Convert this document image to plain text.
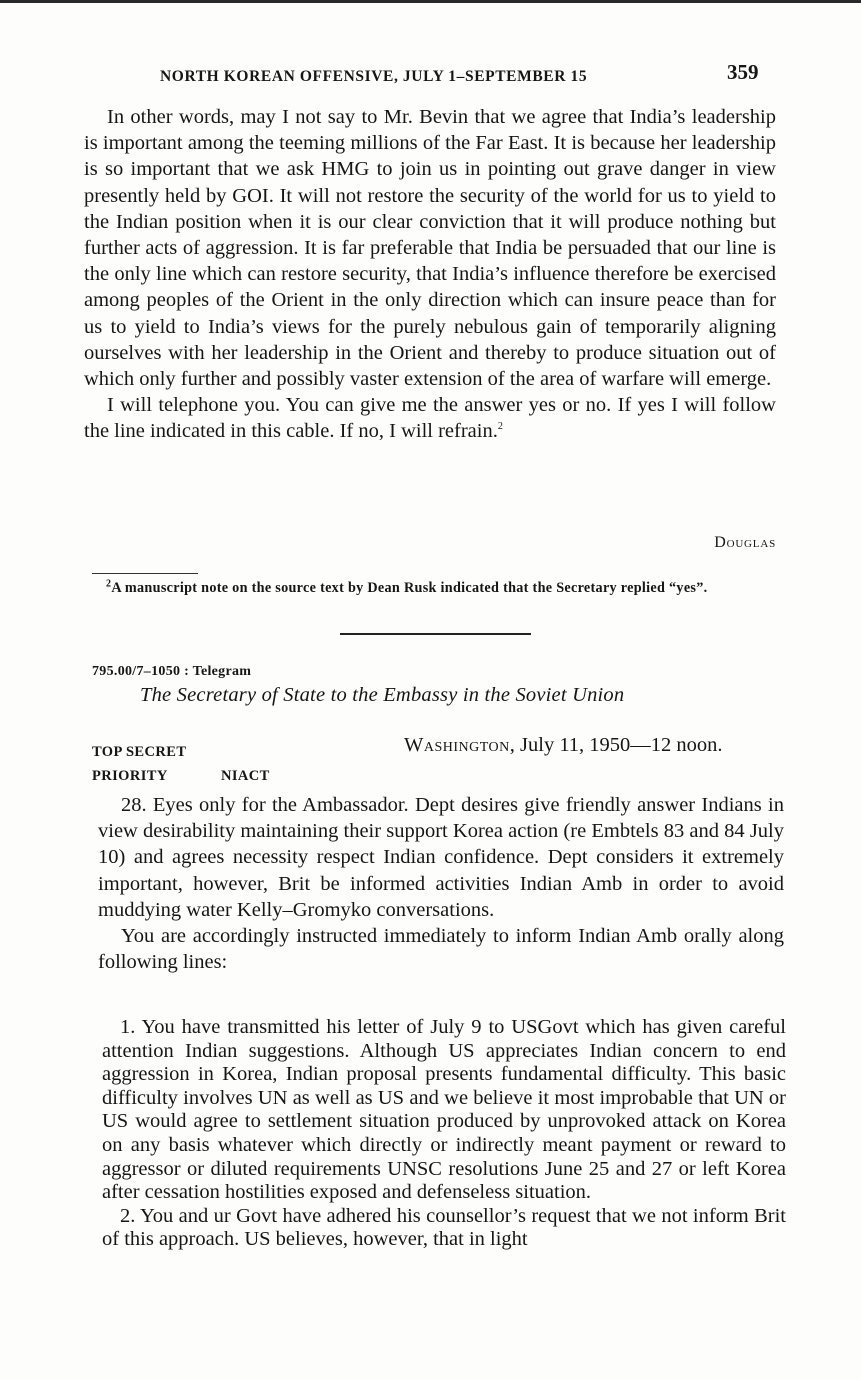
NORTH KOREAN OFFENSIVE, JULY 1–SEPTEMBER 15	359

In other words, may I not say to Mr. Bevin that we agree that India’s leadership is important among the teeming millions of the Far East. It is because her leadership is so important that we ask HMG to join us in pointing out grave danger in view presently held by GOI. It will not restore the security of the world for us to yield to the Indian position when it is our clear conviction that it will produce nothing but further acts of aggression. It is far preferable that India be persuaded that our line is the only line which can restore security, that India’s influence therefore be exercised among peoples of the Orient in the only direction which can insure peace than for us to yield to India’s views for the purely nebulous gain of temporarily aligning ourselves with her leadership in the Orient and thereby to produce situation out of which only further and possibly vaster extension of the area of warfare will emerge.

I will telephone you. You can give me the answer yes or no. If yes I will follow the line indicated in this cable. If no, I will refrain.$^2$

Douglas

$^2$A manuscript note on the source text by Dean Rusk indicated that the Secretary replied “yes”.

795.00/7–1050 : Telegram
The Secretary of State to the Embassy in the Soviet Union
TOP SECRET
PRIORITY	NIACT
Washington, July 11, 1950—12 noon.

28. Eyes only for the Ambassador. Dept desires give friendly answer Indians in view desirability maintaining their support Korea action (re Embtels 83 and 84 July 10) and agrees necessity respect Indian confidence. Dept considers it extremely important, however, Brit be informed activities Indian Amb in order to avoid muddying water Kelly–Gromyko conversations.

You are accordingly instructed immediately to inform Indian Amb orally along following lines:

1. You have transmitted his letter of July 9 to USGovt which has given careful attention Indian suggestions. Although US appreciates Indian concern to end aggression in Korea, Indian proposal presents fundamental difficulty. This basic difficulty involves UN as well as US and we believe it most improbable that UN or US would agree to settlement situation produced by unprovoked attack on Korea on any basis whatever which directly or indirectly meant payment or reward to aggressor or diluted requirements UNSC resolutions June 25 and 27 or left Korea after cessation hostilities exposed and defenseless situation.

2. You and ur Govt have adhered his counsellor’s request that we not inform Brit of this approach. US believes, however, that in light
